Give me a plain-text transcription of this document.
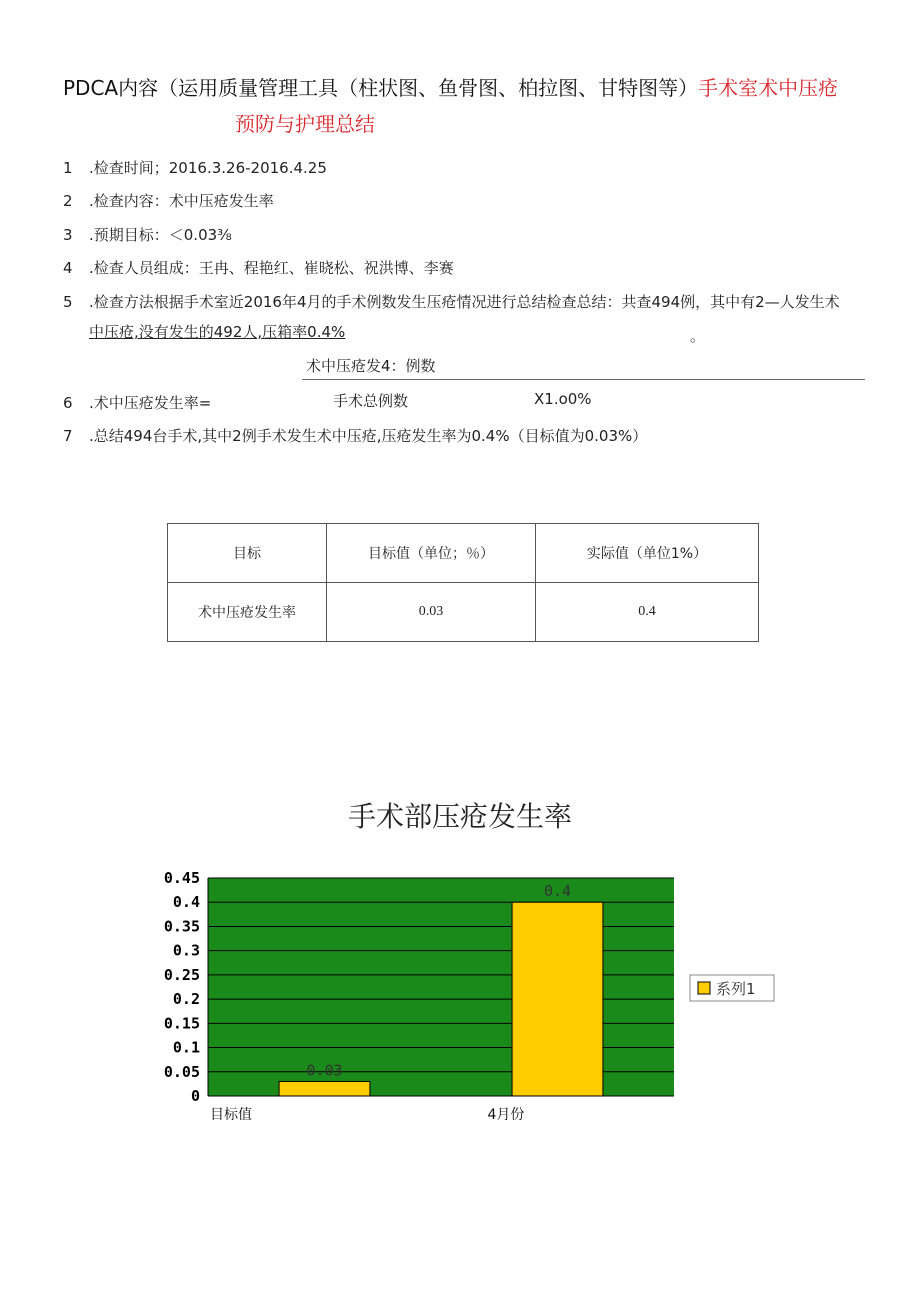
PDCA内容（运用质量管理工具（柱状图、鱼骨图、柏拉图、甘特图等）手术室术中压疮
预防与护理总结
1 .检查时间；2016.3.26-2016.4.25
2 .检查内容：术中压疮发生率
3 .预期目标：＜0.03⅜
4 .检查人员组成：王冉、程艳红、崔晓松、祝洪博、李赛
5 .检查方法根据手术室近2016年4月的手术例数发生压疮情况进行总结检查总结：共查494例，其中有2—人发生术
中压疮,没有发生的492人,压箱率0.4%	。
术中压疮发4：例数
6 .术中压疮发生率=	手术总例数	X1.o0%
7 .总结494台手术,其中2例手术发生术中压疮,压疮发生率为0.4%（目标值为0.03%）
目标	目标值（单位；％）	实际值（单位1%）
术中压疮发生率	0.03	0.4
手术部压疮发生率
0
0.05
0.1
0.15
0.2
0.25
0.3
0.35
0.4
0.45
0.03
0.4
目标值	4月份
系列1
